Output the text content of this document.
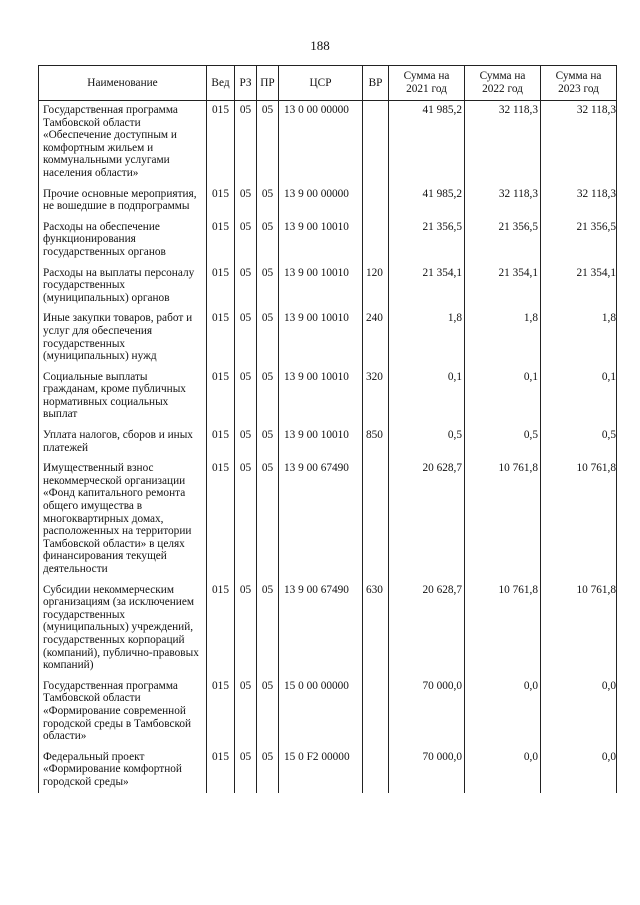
188
Наименование	Вед	РЗ	ПР	ЦСР	ВР	Сумма на 2021 год	Сумма на 2022 год	Сумма на 2023 год
Государственная программа Тамбовской области «Обеспечение доступным и комфортным жильем и коммунальными услугами населения области»	015	05	05	13 0 00 00000		41 985,2	32 118,3	32 118,3
Прочие основные мероприятия, не вошедшие в подпрограммы	015	05	05	13 9 00 00000		41 985,2	32 118,3	32 118,3
Расходы на обеспечение функционирования государственных органов	015	05	05	13 9 00 10010		21 356,5	21 356,5	21 356,5
Расходы на выплаты персоналу государственных (муниципальных) органов	015	05	05	13 9 00 10010	120	21 354,1	21 354,1	21 354,1
Иные закупки товаров, работ и услуг для обеспечения государственных (муниципальных) нужд	015	05	05	13 9 00 10010	240	1,8	1,8	1,8
Социальные выплаты гражданам, кроме публичных нормативных социальных выплат	015	05	05	13 9 00 10010	320	0,1	0,1	0,1
Уплата налогов, сборов и иных платежей	015	05	05	13 9 00 10010	850	0,5	0,5	0,5
Имущественный взнос некоммерческой организации «Фонд капитального ремонта общего имущества в многоквартирных домах, расположенных на территории Тамбовской области» в целях финансирования текущей деятельности	015	05	05	13 9 00 67490		20 628,7	10 761,8	10 761,8
Субсидии некоммерческим организациям (за исключением государственных (муниципальных) учреждений, государственных корпораций (компаний), публично-правовых компаний)	015	05	05	13 9 00 67490	630	20 628,7	10 761,8	10 761,8
Государственная программа Тамбовской области «Формирование современной городской среды в Тамбовской области»	015	05	05	15 0 00 00000		70 000,0	0,0	0,0
Федеральный проект «Формирование комфортной городской среды»	015	05	05	15 0 F2 00000		70 000,0	0,0	0,0
